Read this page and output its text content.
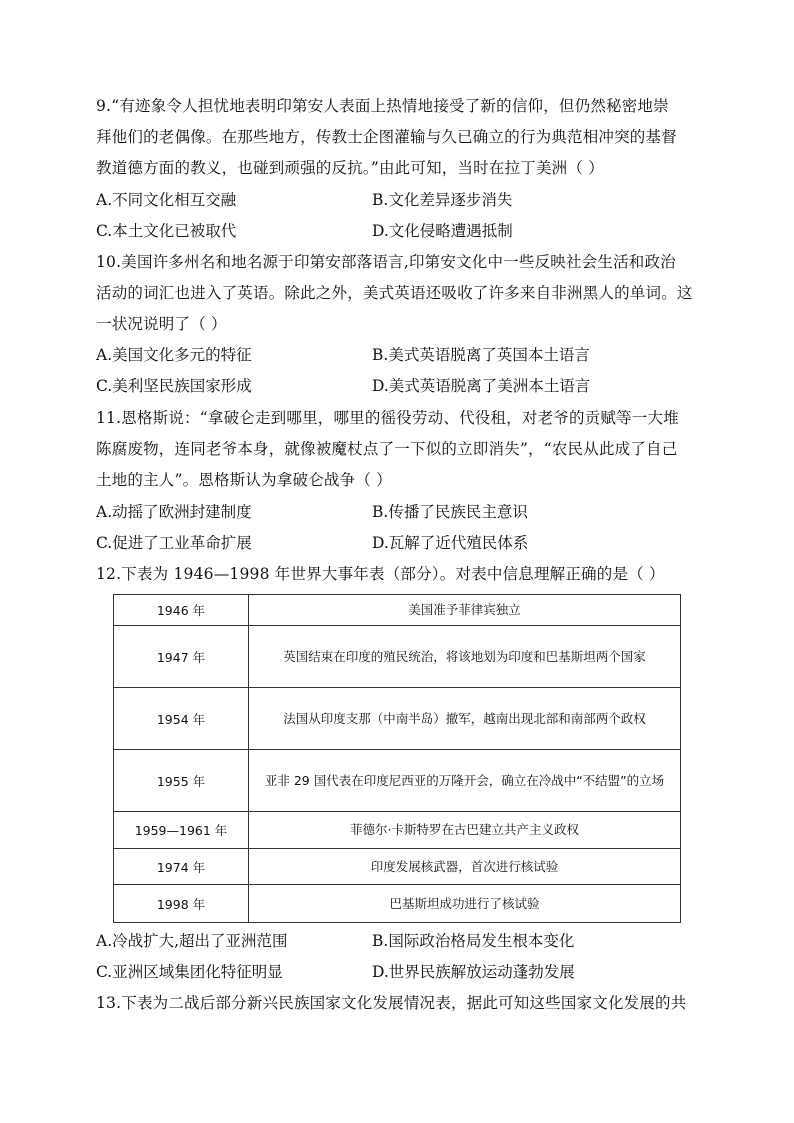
9.“有迹象令人担忧地表明印第安人表面上热情地接受了新的信仰，但仍然秘密地崇
拜他们的老偶像。在那些地方，传教士企图灌输与久已确立的行为典范相冲突的基督
教道德方面的教义，也碰到顽强的反抗。”由此可知，当时在拉丁美洲（ ）
A.不同文化相互交融	B.文化差异逐步消失
C.本土文化已被取代	D.文化侵略遭遇抵制
10.美国许多州名和地名源于印第安部落语言,印第安文化中一些反映社会生活和政治
活动的词汇也进入了英语。除此之外，美式英语还吸收了许多来自非洲黑人的单词。这
一状况说明了（ ）
A.美国文化多元的特征	B.美式英语脱离了英国本土语言
C.美利坚民族国家形成	D.美式英语脱离了美洲本土语言
11.恩格斯说：“拿破仑走到哪里，哪里的徭役劳动、代役租，对老爷的贡赋等一大堆
陈腐废物，连同老爷本身，就像被魔杖点了一下似的立即消失”，“农民从此成了自己
土地的主人”。恩格斯认为拿破仑战争（ ）
A.动摇了欧洲封建制度	B.传播了民族民主意识
C.促进了工业革命扩展	D.瓦解了近代殖民体系
12.下表为 1946—1998 年世界大事年表（部分）。对表中信息理解正确的是（ ）
1946 年	美国准予菲律宾独立
1947 年	英国结束在印度的殖民统治，将该地划为印度和巴基斯坦两个国家
1954 年	法国从印度支那（中南半岛）撤军，越南出现北部和南部两个政权
1955 年	亚非 29 国代表在印度尼西亚的万隆开会，确立在冷战中“不结盟”的立场
1959—1961 年	菲德尔·卡斯特罗在古巴建立共产主义政权
1974 年	印度发展核武器，首次进行核试验
1998 年	巴基斯坦成功进行了核试验
A.冷战扩大,超出了亚洲范围	B.国际政治格局发生根本变化
C.亚洲区域集团化特征明显	D.世界民族解放运动蓬勃发展
13.下表为二战后部分新兴民族国家文化发展情况表，据此可知这些国家文化发展的共
